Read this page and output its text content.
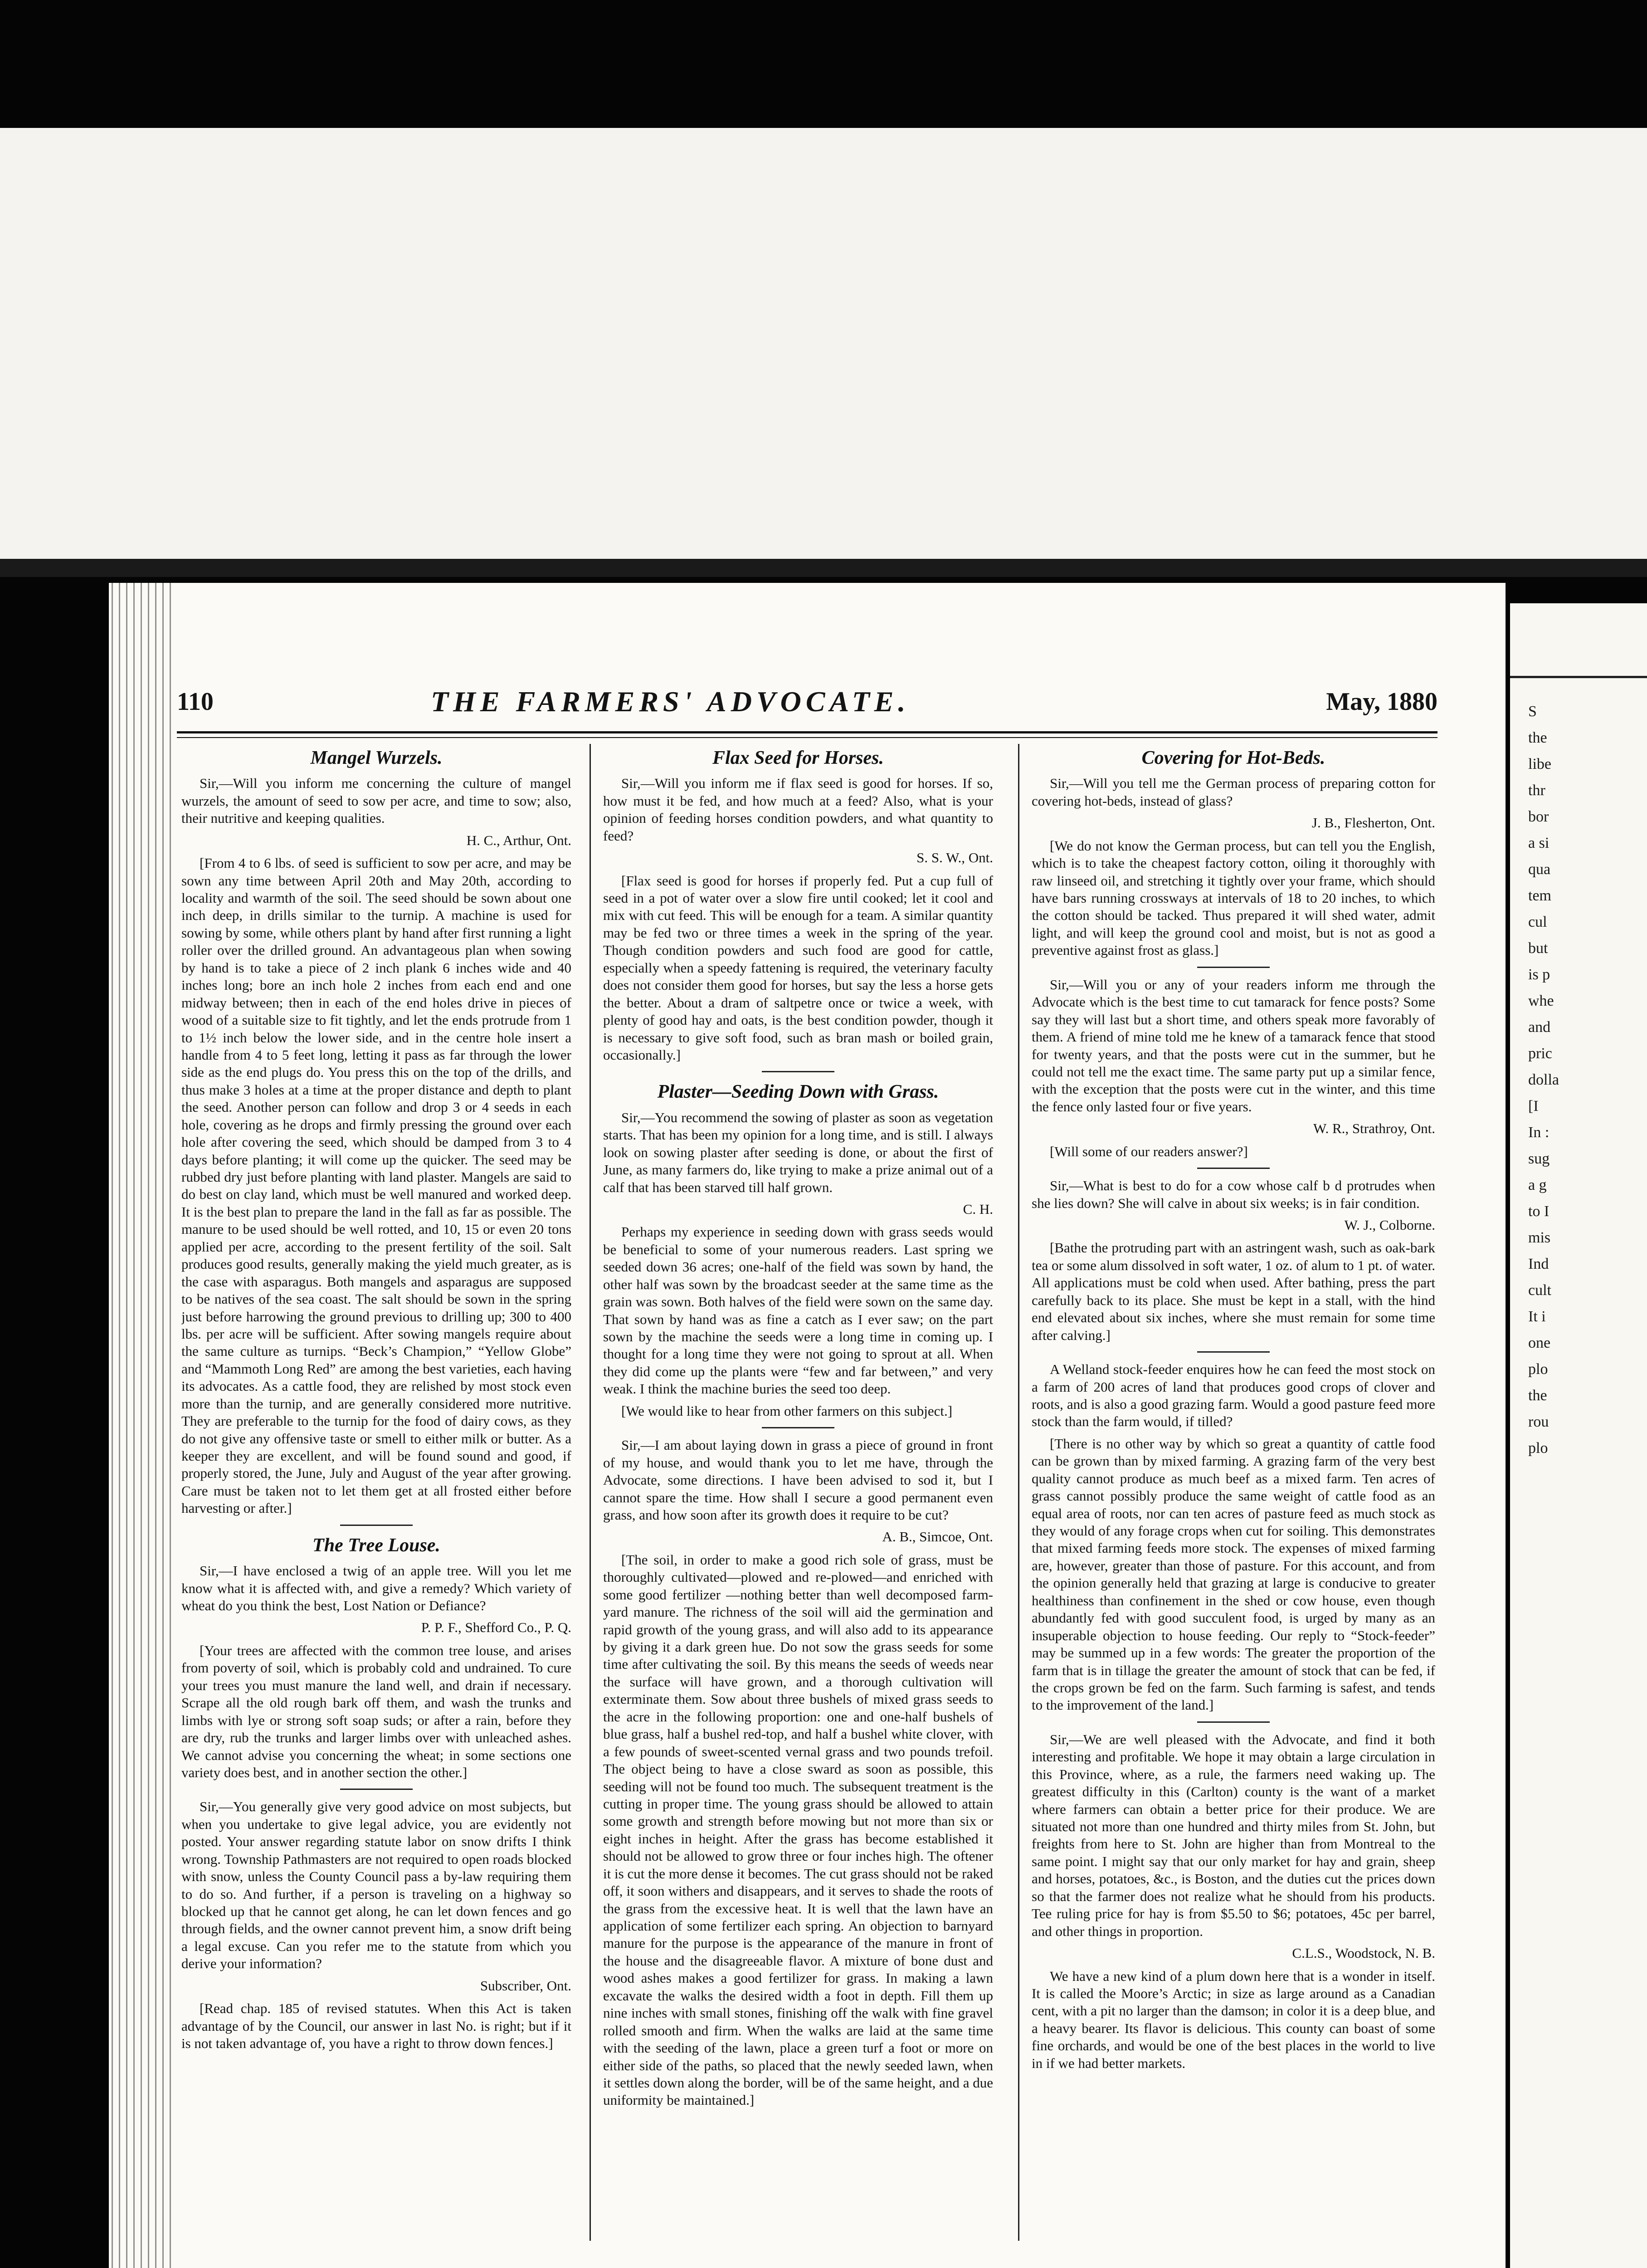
S
the
libe
thr
bor
a si
qua
tem
cul
but
is p
whe
and
pric
dolla
[I
In :
sug
a g
to I
mis
Ind
cult
It i
one
plo
the
rou
plo
110	THE FARMERS' ADVOCATE.	May, 1880
Mangel Wurzels.

Sir,—Will you inform me concerning the culture of mangel wurzels, the amount of seed to sow per acre, and time to sow; also, their nutritive and keeping qualities.

H. C., Arthur, Ont.

[From 4 to 6 lbs. of seed is sufficient to sow per acre, and may be sown any time between April 20th and May 20th, according to locality and warmth of the soil. The seed should be sown about one inch deep, in drills similar to the turnip. A machine is used for sowing by some, while others plant by hand after first running a light roller over the drilled ground. An advantageous plan when sowing by hand is to take a piece of 2 inch plank 6 inches wide and 40 inches long; bore an inch hole 2 inches from each end and one midway between; then in each of the end holes drive in pieces of wood of a suitable size to fit tightly, and let the ends protrude from 1 to 1½ inch below the lower side, and in the centre hole insert a handle from 4 to 5 feet long, letting it pass as far through the lower side as the end plugs do. You press this on the top of the drills, and thus make 3 holes at a time at the proper distance and depth to plant the seed. Another person can follow and drop 3 or 4 seeds in each hole, covering as he drops and firmly pressing the ground over each hole after covering the seed, which should be damped from 3 to 4 days before planting; it will come up the quicker. The seed may be rubbed dry just before planting with land plaster. Mangels are said to do best on clay land, which must be well manured and worked deep. It is the best plan to prepare the land in the fall as far as possible. The manure to be used should be well rotted, and 10, 15 or even 20 tons applied per acre, according to the present fertility of the soil. Salt produces good results, generally making the yield much greater, as is the case with asparagus. Both mangels and asparagus are supposed to be natives of the sea coast. The salt should be sown in the spring just before harrowing the ground previous to drilling up; 300 to 400 lbs. per acre will be sufficient. After sowing mangels require about the same culture as turnips. “Beck’s Champion,” “Yellow Globe” and “Mammoth Long Red” are among the best varieties, each having its advocates. As a cattle food, they are relished by most stock even more than the turnip, and are generally considered more nutritive. They are preferable to the turnip for the food of dairy cows, as they do not give any offensive taste or smell to either milk or butter. As a keeper they are excellent, and will be found sound and good, if properly stored, the June, July and August of the year after growing. Care must be taken not to let them get at all frosted either before harvesting or after.]

The Tree Louse.

Sir,—I have enclosed a twig of an apple tree. Will you let me know what it is affected with, and give a remedy? Which variety of wheat do you think the best, Lost Nation or Defiance?

P. P. F., Shefford Co., P. Q.

[Your trees are affected with the common tree louse, and arises from poverty of soil, which is probably cold and undrained. To cure your trees you must manure the land well, and drain if necessary. Scrape all the old rough bark off them, and wash the trunks and limbs with lye or strong soft soap suds; or after a rain, before they are dry, rub the trunks and larger limbs over with unleached ashes. We cannot advise you concerning the wheat; in some sections one variety does best, and in another section the other.]

Sir,—You generally give very good advice on most subjects, but when you undertake to give legal advice, you are evidently not posted. Your answer regarding statute labor on snow drifts I think wrong. Township Pathmasters are not required to open roads blocked with snow, unless the County Council pass a by-law requiring them to do so. And further, if a person is traveling on a highway so blocked up that he cannot get along, he can let down fences and go through fields, and the owner cannot prevent him, a snow drift being a legal excuse. Can you refer me to the statute from which you derive your information?

Subscriber, Ont.

[Read chap. 185 of revised statutes. When this Act is taken advantage of by the Council, our answer in last No. is right; but if it is not taken advantage of, you have a right to throw down fences.]

Flax Seed for Horses.

Sir,—Will you inform me if flax seed is good for horses. If so, how must it be fed, and how much at a feed? Also, what is your opinion of feeding horses condition powders, and what quantity to feed?

S. S. W., Ont.

[Flax seed is good for horses if properly fed. Put a cup full of seed in a pot of water over a slow fire until cooked; let it cool and mix with cut feed. This will be enough for a team. A similar quantity may be fed two or three times a week in the spring of the year. Though condition powders and such food are good for cattle, especially when a speedy fattening is required, the veterinary faculty does not consider them good for horses, but say the less a horse gets the better. About a dram of saltpetre once or twice a week, with plenty of good hay and oats, is the best condition powder, though it is necessary to give soft food, such as bran mash or boiled grain, occasionally.]

Plaster—Seeding Down with Grass.

Sir,—You recommend the sowing of plaster as soon as vegetation starts. That has been my opinion for a long time, and is still. I always look on sowing plaster after seeding is done, or about the first of June, as many farmers do, like trying to make a prize animal out of a calf that has been starved till half grown.

C. H.

Perhaps my experience in seeding down with grass seeds would be beneficial to some of your numerous readers. Last spring we seeded down 36 acres; one-half of the field was sown by hand, the other half was sown by the broadcast seeder at the same time as the grain was sown. Both halves of the field were sown on the same day. That sown by hand was as fine a catch as I ever saw; on the part sown by the machine the seeds were a long time in coming up. I thought for a long time they were not going to sprout at all. When they did come up the plants were “few and far between,” and very weak. I think the machine buries the seed too deep.

[We would like to hear from other farmers on this subject.]

Sir,—I am about laying down in grass a piece of ground in front of my house, and would thank you to let me have, through the Advocate, some directions. I have been advised to sod it, but I cannot spare the time. How shall I secure a good permanent even grass, and how soon after its growth does it require to be cut?

A. B., Simcoe, Ont.

[The soil, in order to make a good rich sole of grass, must be thoroughly cultivated—plowed and re-plowed—and enriched with some good fertilizer —nothing better than well decomposed farm-yard manure. The richness of the soil will aid the germination and rapid growth of the young grass, and will also add to its appearance by giving it a dark green hue. Do not sow the grass seeds for some time after cultivating the soil. By this means the seeds of weeds near the surface will have grown, and a thorough cultivation will exterminate them. Sow about three bushels of mixed grass seeds to the acre in the following proportion: one and one-half bushels of blue grass, half a bushel red-top, and half a bushel white clover, with a few pounds of sweet-scented vernal grass and two pounds trefoil. The object being to have a close sward as soon as possible, this seeding will not be found too much. The subsequent treatment is the cutting in proper time. The young grass should be allowed to attain some growth and strength before mowing but not more than six or eight inches in height. After the grass has become established it should not be allowed to grow three or four inches high. The oftener it is cut the more dense it becomes. The cut grass should not be raked off, it soon withers and disappears, and it serves to shade the roots of the grass from the excessive heat. It is well that the lawn have an application of some fertilizer each spring. An objection to barnyard manure for the purpose is the appearance of the manure in front of the house and the disagreeable flavor. A mixture of bone dust and wood ashes makes a good fertilizer for grass. In making a lawn excavate the walks the desired width a foot in depth. Fill them up nine inches with small stones, finishing off the walk with fine gravel rolled smooth and firm. When the walks are laid at the same time with the seeding of the lawn, place a green turf a foot or more on either side of the paths, so placed that the newly seeded lawn, when it settles down along the border, will be of the same height, and a due uniformity be maintained.]

Covering for Hot-Beds.

Sir,—Will you tell me the German process of preparing cotton for covering hot-beds, instead of glass?

J. B., Flesherton, Ont.

[We do not know the German process, but can tell you the English, which is to take the cheapest factory cotton, oiling it thoroughly with raw linseed oil, and stretching it tightly over your frame, which should have bars running crossways at intervals of 18 to 20 inches, to which the cotton should be tacked. Thus prepared it will shed water, admit light, and will keep the ground cool and moist, but is not as good a preventive against frost as glass.]

Sir,—Will you or any of your readers inform me through the Advocate which is the best time to cut tamarack for fence posts? Some say they will last but a short time, and others speak more favorably of them. A friend of mine told me he knew of a tamarack fence that stood for twenty years, and that the posts were cut in the summer, but he could not tell me the exact time. The same party put up a similar fence, with the exception that the posts were cut in the winter, and this time the fence only lasted four or five years.

W. R., Strathroy, Ont.

[Will some of our readers answer?]

Sir,—What is best to do for a cow whose calf b d protrudes when she lies down? She will calve in about six weeks; is in fair condition.

W. J., Colborne.

[Bathe the protruding part with an astringent wash, such as oak-bark tea or some alum dissolved in soft water, 1 oz. of alum to 1 pt. of water. All applications must be cold when used. After bathing, press the part carefully back to its place. She must be kept in a stall, with the hind end elevated about six inches, where she must remain for some time after calving.]

A Welland stock-feeder enquires how he can feed the most stock on a farm of 200 acres of land that produces good crops of clover and roots, and is also a good grazing farm. Would a good pasture feed more stock than the farm would, if tilled?

[There is no other way by which so great a quantity of cattle food can be grown than by mixed farming. A grazing farm of the very best quality cannot produce as much beef as a mixed farm. Ten acres of grass cannot possibly produce the same weight of cattle food as an equal area of roots, nor can ten acres of pasture feed as much stock as they would of any forage crops when cut for soiling. This demonstrates that mixed farming feeds more stock. The expenses of mixed farming are, however, greater than those of pasture. For this account, and from the opinion generally held that grazing at large is conducive to greater healthiness than confinement in the shed or cow house, even though abundantly fed with good succulent food, is urged by many as an insuperable objection to house feeding. Our reply to “Stock-feeder” may be summed up in a few words: The greater the proportion of the farm that is in tillage the greater the amount of stock that can be fed, if the crops grown be fed on the farm. Such farming is safest, and tends to the improvement of the land.]

Sir,—We are well pleased with the Advocate, and find it both interesting and profitable. We hope it may obtain a large circulation in this Province, where, as a rule, the farmers need waking up. The greatest difficulty in this (Carlton) county is the want of a market where farmers can obtain a better price for their produce. We are situated not more than one hundred and thirty miles from St. John, but freights from here to St. John are higher than from Montreal to the same point. I might say that our only market for hay and grain, sheep and horses, potatoes, &c., is Boston, and the duties cut the prices down so that the farmer does not realize what he should from his products. Tee ruling price for hay is from $5.50 to $6; potatoes, 45c per barrel, and other things in proportion.

C.L.S., Woodstock, N. B.

We have a new kind of a plum down here that is a wonder in itself. It is called the Moore’s Arctic; in size as large around as a Canadian cent, with a pit no larger than the damson; in color it is a deep blue, and a heavy bearer. Its flavor is delicious. This county can boast of some fine orchards, and would be one of the best places in the world to live in if we had better markets.
